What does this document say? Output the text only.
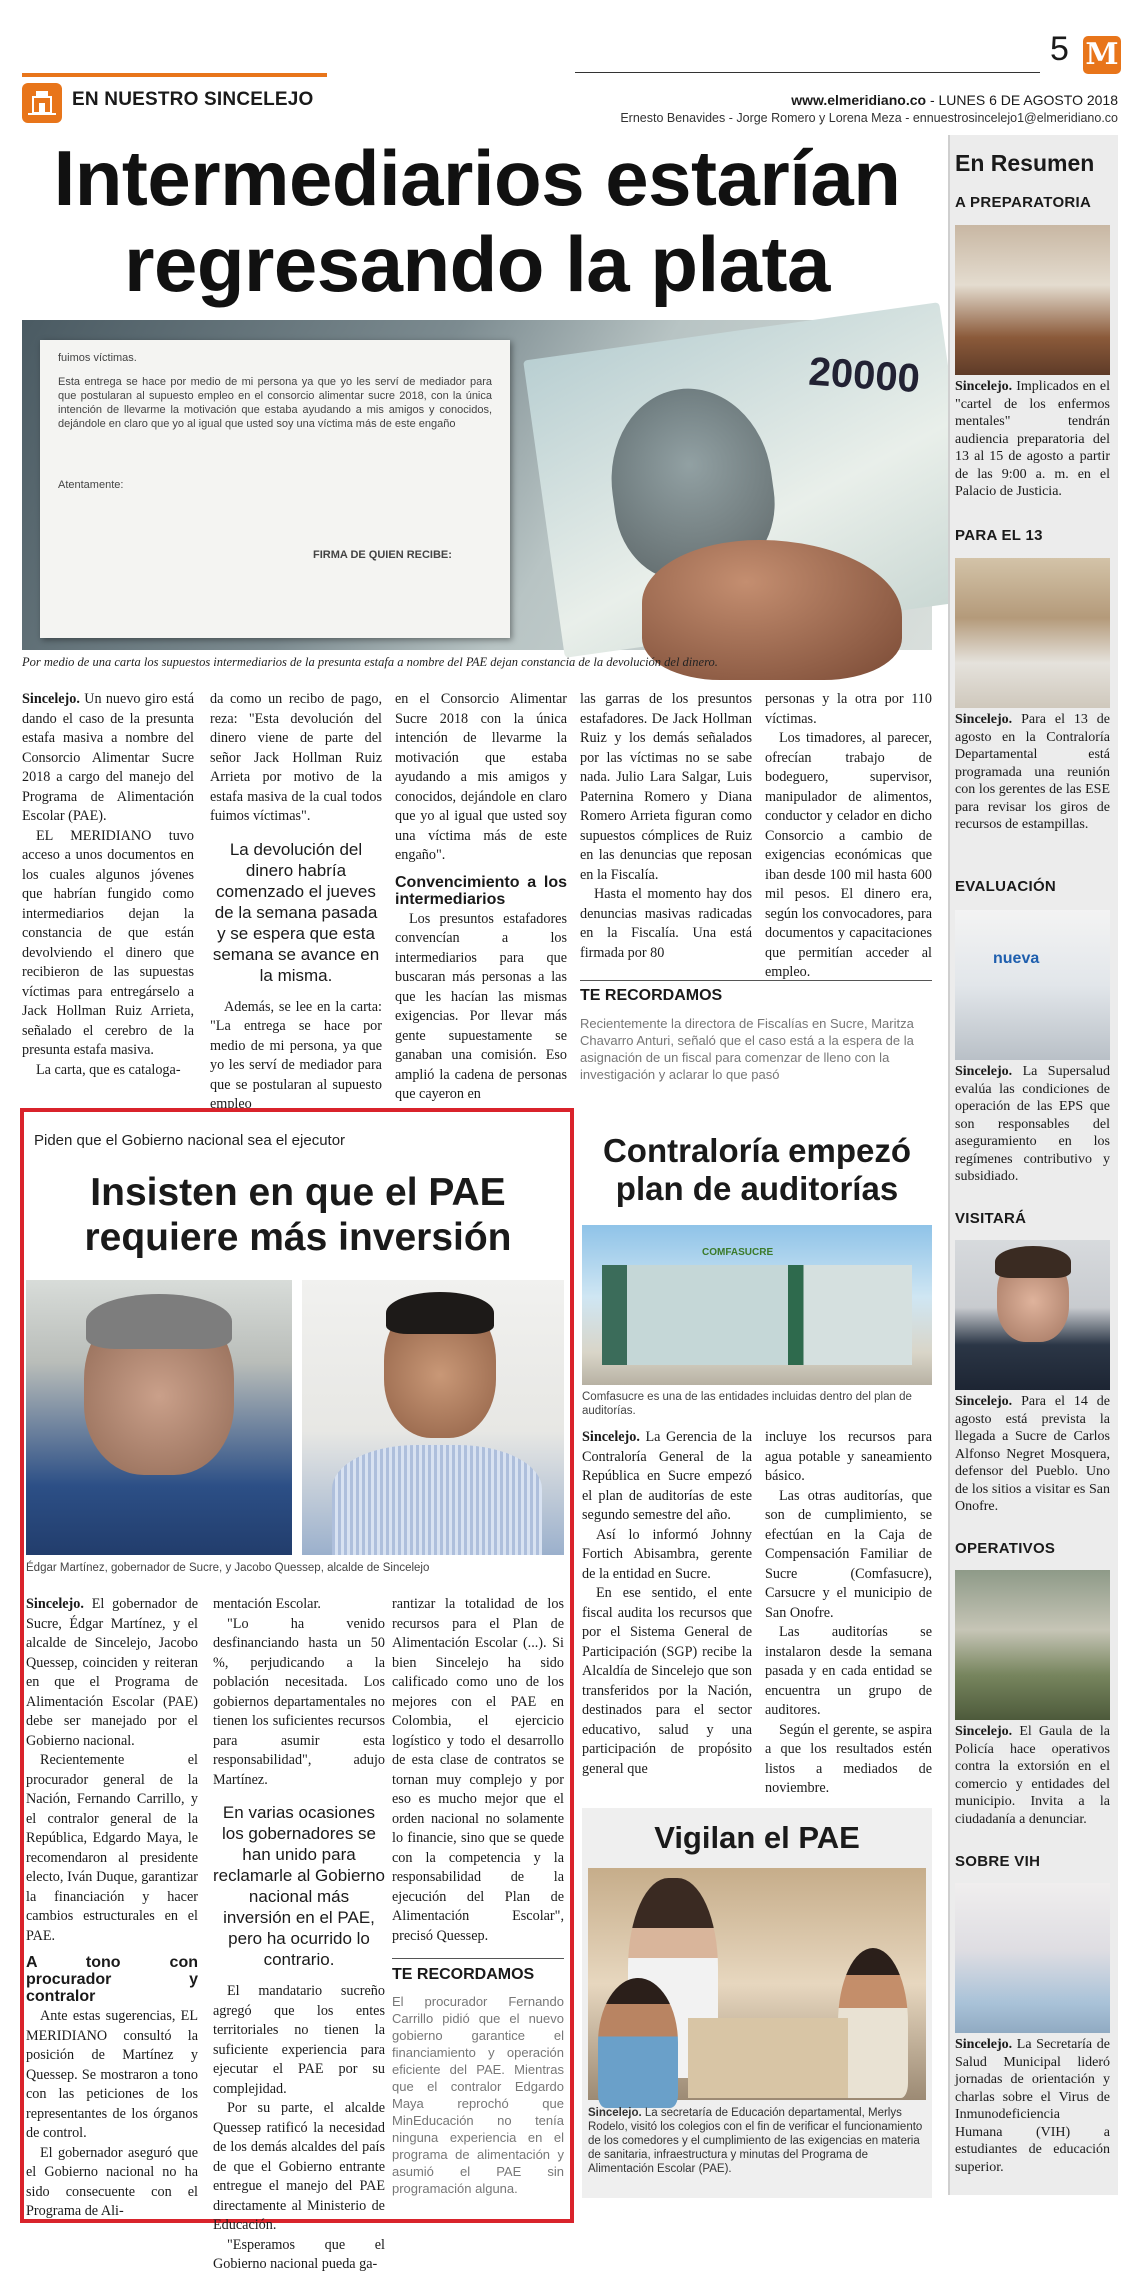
EN NUESTRO SINCELEJO
5 M
www.elmeridiano.co - LUNES 6 DE AGOSTO 2018
Ernesto Benavides - Jorge Romero y Lorena Meza - ennuestrosincelejo1@elmeridiano.co
Intermediarios estarían regresando la plata
20000
fuimos víctimas.
Esta entrega se hace por medio de mi persona ya que yo les serví de mediador para que postularan al supuesto empleo en el consorcio alimentar sucre 2018, con la única intención de llevarme la motivación que estaba ayudando a mis amigos y conocidos, dejándole en claro que yo al igual que usted soy una víctima más de este engaño
Atentamente:
FIRMA DE QUIEN RECIBE:
Por medio de una carta los supuestos intermediarios de la presunta estafa a nombre del PAE dejan constancia de la devolución del dinero.

Sincelejo. Un nuevo giro está dando el caso de la presunta estafa masiva a nombre del Consorcio Alimentar Sucre 2018 a cargo del manejo del Programa de Alimentación Escolar (PAE).

EL MERIDIANO tuvo acceso a unos documentos en los cuales algunos jóvenes que habrían fungido como intermediarios dejan la constancia de que están devolviendo el dinero que recibieron de las supuestas víctimas para entregárselo a Jack Hollman Ruiz Arrieta, señalado el cerebro de la presunta estafa masiva.

La carta, que es cataloga-

da como un recibo de pago, reza: "Esta devolución del dinero viene de parte del señor Jack Hollman Ruiz Arrieta por motivo de la estafa masiva de la cual todos fuimos víctimas".

La devolución del dinero habría comenzado el jueves de la semana pasada y se espera que esta semana se avance en la misma.

Además, se lee en la carta: "La entrega se hace por medio de mi persona, ya que yo les serví de mediador para que se postularan al supuesto empleo

en el Consorcio Alimentar Sucre 2018 con la única intención de llevarme la motivación que estaba ayudando a mis amigos y conocidos, dejándole en claro que yo al igual que usted soy una víctima más de este engaño".

Convencimiento a los intermediarios

Los presuntos estafadores convencían a los intermediarios para que buscaran más personas a las que les hacían las mismas exigencias. Por llevar más gente supuestamente se ganaban una comisión. Eso amplió la cadena de personas que cayeron en

las garras de los presuntos estafadores. De Jack Hollman Ruiz y los demás señalados por las víctimas no se sabe nada. Julio Lara Salgar, Luis Paternina Romero y Diana Romero Arrieta figuran como supuestos cómplices de Ruiz en las denuncias que reposan en la Fiscalía.

Hasta el momento hay dos denuncias masivas radicadas en la Fiscalía. Una está firmada por 80

personas y la otra por 110 víctimas.

Los timadores, al parecer, ofrecían trabajo de bodeguero, supervisor, manipulador de alimentos, conductor y celador en dicho Consorcio a cambio de exigencias económicas que iban desde 100 mil hasta 600 mil pesos. El dinero era, según los convocadores, para documentos y capacitaciones que permitían acceder al empleo.

TE RECORDAMOS
Recientemente la directora de Fiscalías en Sucre, Maritza Chavarro Anturi, señaló que el caso está a la espera de la asignación de un fiscal para comenzar de lleno con la investigación y aclarar lo que pasó
Piden que el Gobierno nacional sea el ejecutor
Insisten en que el PAE requiere más inversión
Édgar Martínez, gobernador de Sucre, y Jacobo Quessep, alcalde de Sincelejo

Sincelejo. El gobernador de Sucre, Édgar Martínez, y el alcalde de Sincelejo, Jacobo Quessep, coinciden y reiteran en que el Programa de Alimentación Escolar (PAE) debe ser manejado por el Gobierno nacional.

Recientemente el procurador general de la Nación, Fernando Carrillo, y el contralor general de la República, Edgardo Maya, le recomendaron al presidente electo, Iván Duque, garantizar la financiación y hacer cambios estructurales en el PAE.

A tono con procurador y contralor

Ante estas sugerencias, EL MERIDIANO consultó la posición de Martínez y Quessep. Se mostraron a tono con las peticiones de los representantes de los órganos de control.

El gobernador aseguró que el Gobierno nacional no ha sido consecuente con el Programa de Ali-

mentación Escolar.

"Lo ha venido desfinanciando hasta un 50 %, perjudicando a la población necesitada. Los gobiernos departamentales no tienen los suficientes recursos para asumir esta responsabilidad", adujo Martínez.

En varias ocasiones los gobernadores se han unido para reclamarle al Gobierno nacional más inversión en el PAE, pero ha ocurrido lo contrario.

El mandatario sucreño agregó que los entes territoriales no tienen la suficiente experiencia para ejecutar el PAE por su complejidad.

Por su parte, el alcalde Quessep ratificó la necesidad de los demás alcaldes del país de que el Gobierno entrante entregue el manejo del PAE directamente al Ministerio de Educación.

"Esperamos que el Gobierno nacional pueda ga-

rantizar la totalidad de los recursos para el Plan de Alimentación Escolar (...). Si bien Sincelejo ha sido calificado como uno de los mejores con el PAE en Colombia, el ejercicio logístico y todo el desarrollo de esta clase de contratos se tornan muy complejo y por eso es mucho mejor que el orden nacional no solamente lo financie, sino que se quede con la competencia y la responsabilidad de la ejecución del Plan de Alimentación Escolar", precisó Quessep.

TE RECORDAMOS
El procurador Fernando Carrillo pidió que el nuevo gobierno garantice el financiamiento y operación eficiente del PAE. Mientras que el contralor Edgardo Maya reprochó que MinEducación no tenía ninguna experiencia en el programa de alimentación y asumió el PAE sin programación alguna.
Contraloría empezó plan de auditorías
COMFASUCRE
Comfasucre es una de las entidades incluidas dentro del plan de auditorías.

Sincelejo. La Gerencia de la Contraloría General de la República en Sucre empezó el plan de auditorías de este segundo semestre del año.

Así lo informó Johnny Fortich Abisambra, gerente de la entidad en Sucre.

En ese sentido, el ente fiscal audita los recursos que por el Sistema General de Participación (SGP) recibe la Alcaldía de Sincelejo que son transferidos por la Nación, destinados para el sector educativo, salud y una participación de propósito general que

incluye los recursos para agua potable y saneamiento básico.

Las otras auditorías, que son de cumplimiento, se efectúan en la Caja de Compensación Familiar de Sucre (Comfasucre), Carsucre y el municipio de San Onofre.

Las auditorías se instalaron desde la semana pasada y en cada entidad se encuentra un grupo de auditores.

Según el gerente, se aspira a que los resultados estén listos a mediados de noviembre.

Vigilan el PAE
Sincelejo. La secretaría de Educación departamental, Merlys Rodelo, visitó los colegios con el fin de verificar el funcionamiento de los comedores y el cumplimiento de las exigencias en materia de sanitaria, infraestructura y minutas del Programa de Alimentación Escolar (PAE).
En Resumen
A PREPARATORIA
Sincelejo. Implicados en el "cartel de los enfermos mentales" tendrán audiencia preparatoria del 13 al 15 de agosto a partir de las 9:00 a. m. en el Palacio de Justicia.
PARA EL 13
Sincelejo. Para el 13 de agosto en la Contraloría Departamental está programada una reunión con los gerentes de las ESE para revisar los giros de recursos de estampillas.
EVALUACIÓN
nueva
Sincelejo. La Supersalud evalúa las condiciones de operación de las EPS que son responsables del aseguramiento en los regímenes contributivo y subsidiado.
VISITARÁ
Sincelejo. Para el 14 de agosto está prevista la llegada a Sucre de Carlos Alfonso Negret Mosquera, defensor del Pueblo. Uno de los sitios a visitar es San Onofre.
OPERATIVOS
Sincelejo. El Gaula de la Policía hace operativos contra la extorsión en el comercio y entidades del municipio. Invita a la ciudadanía a denunciar.
SOBRE VIH
Sincelejo. La Secretaría de Salud Municipal lideró jornadas de orientación y charlas sobre el Virus de Inmunodeficiencia Humana (VIH) a estudiantes de educación superior.
